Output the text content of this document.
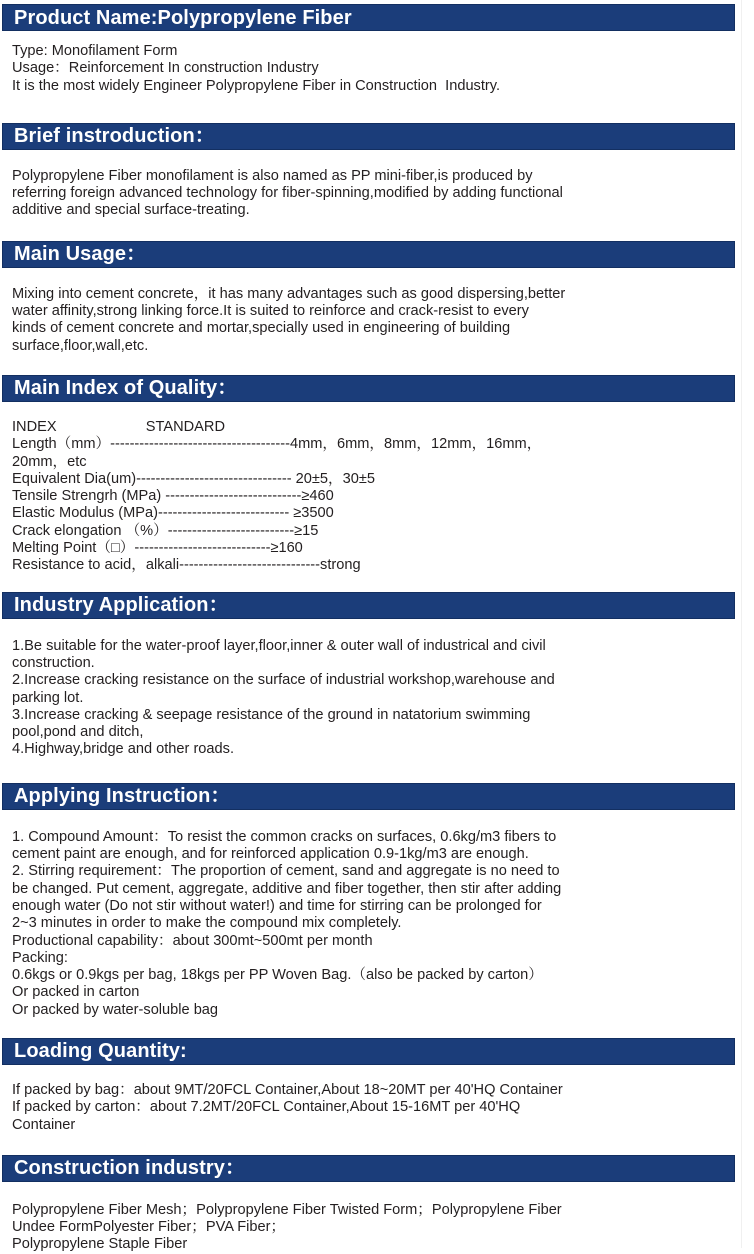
Product Name:Polypropylene Fiber

Type: Monofilament Form

Usage：Reinforcement In construction Industry

It is the most widely Engineer Polypropylene Fiber in Construction  Industry.

Brief instroduction：

Polypropylene Fiber monofilament is also named as PP mini-fiber,is produced by

referring foreign advanced technology for fiber-spinning,modified by adding functional

additive and special surface-treating.

Main Usage：

Mixing into cement concrete，it has many advantages such as good dispersing,better

water affinity,strong linking force.It is suited to reinforce and crack-resist to every

kinds of cement concrete and mortar,specially used in engineering of building

surface,floor,wall,etc.

Main Index of Quality：

INDEX                      STANDARD

Length（mm）-------------------------------------4mm，6mm，8mm，12mm，16mm，

20mm，etc

Equivalent Dia(um)-------------------------------- 20±5，30±5

Tensile Strengrh (MPa) ----------------------------≥460

Elastic Modulus (MPa)--------------------------- ≥3500

Crack elongation （%）--------------------------≥15

Melting Point（□）----------------------------≥160

Resistance to acid，alkali-----------------------------strong

Industry Application：

1.Be suitable for the water-proof layer,floor,inner & outer wall of industrical and civil

construction.

2.Increase cracking resistance on the surface of industrial workshop,warehouse and

parking lot.

3.Increase cracking & seepage resistance of the ground in natatorium swimming

pool,pond and ditch,

4.Highway,bridge and other roads.

Applying Instruction：

1. Compound Amount：To resist the common cracks on surfaces, 0.6kg/m3 fibers to

cement paint are enough, and for reinforced application 0.9-1kg/m3 are enough.

2. Stirring requirement：The proportion of cement, sand and aggregate is no need to

be changed. Put cement, aggregate, additive and fiber together, then stir after adding

enough water (Do not stir without water!) and time for stirring can be prolonged for

2~3 minutes in order to make the compound mix completely.

Productional capability：about 300mt~500mt per month

Packing:

0.6kgs or 0.9kgs per bag, 18kgs per PP Woven Bag.（also be packed by carton）

Or packed in carton

Or packed by water-soluble bag

Loading Quantity:

If packed by bag：about 9MT/20FCL Container,About 18~20MT per 40'HQ Container

If packed by carton：about 7.2MT/20FCL Container,About 15-16MT per 40'HQ

Container

Construction industry：

Polypropylene Fiber Mesh；Polypropylene Fiber Twisted Form；Polypropylene Fiber

Undee FormPolyester Fiber；PVA Fiber；

Polypropylene Staple Fiber
